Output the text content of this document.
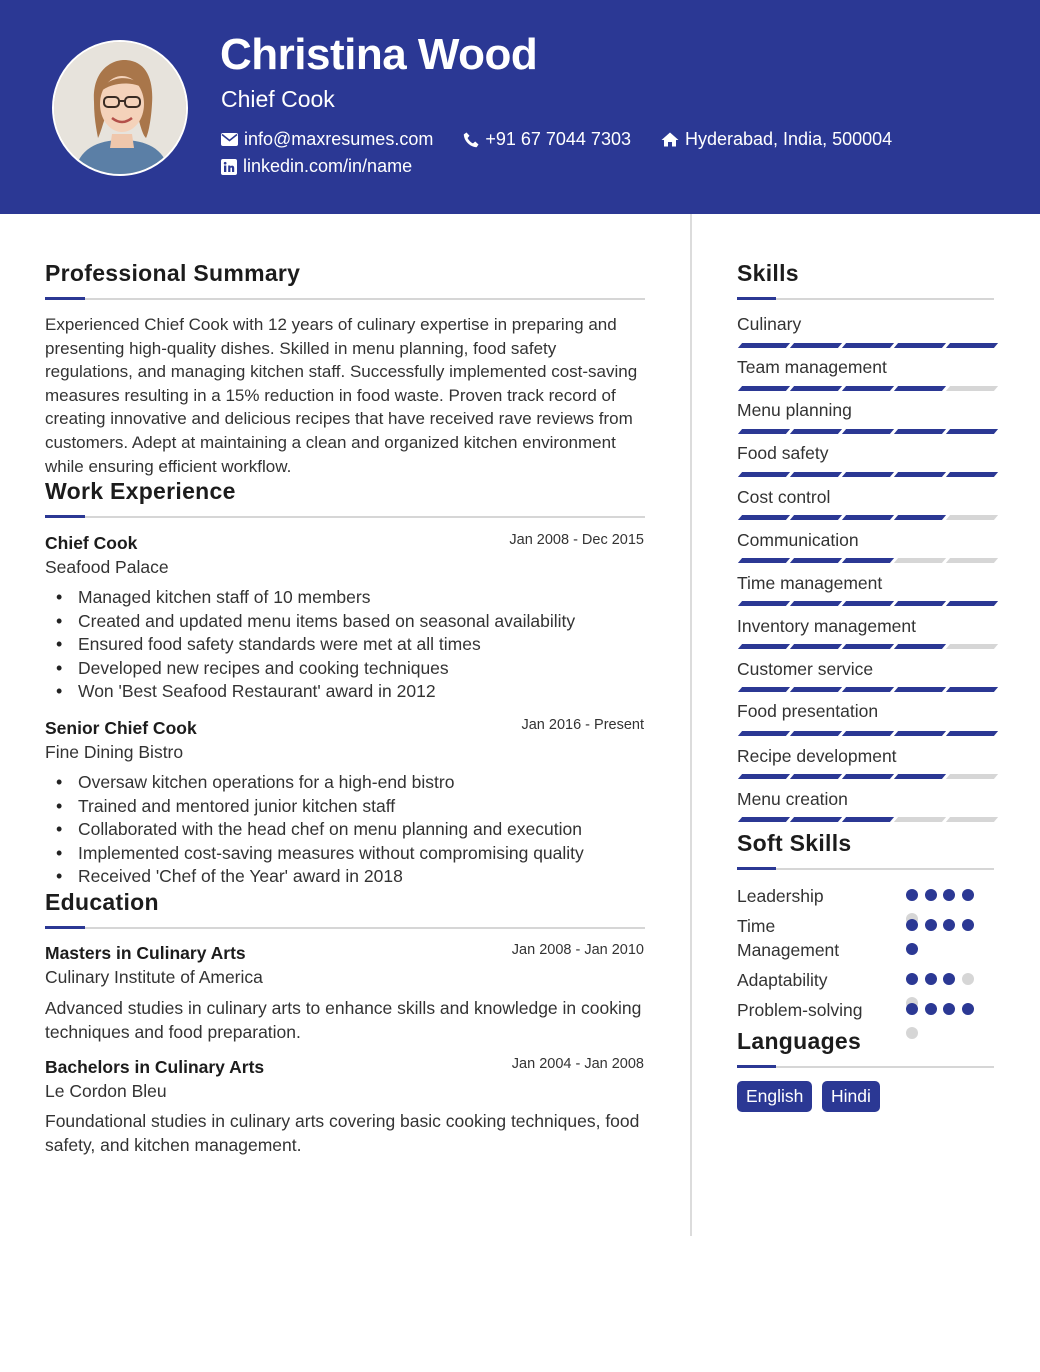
Christina Wood
Chief Cook
info@maxresumes.com	+91 67 7044 7303	Hyderabad, India, 500004
linkedin.com/in/name
Professional Summary
Experienced Chief Cook with 12 years of culinary expertise in preparing and presenting high-quality dishes. Skilled in menu planning, food safety regulations, and managing kitchen staff. Successfully implemented cost-saving measures resulting in a 15% reduction in food waste. Proven track record of creating innovative and delicious recipes that have received rave reviews from customers. Adept at maintaining a clean and organized kitchen environment while ensuring efficient workflow.
Work Experience
Chief Cook	Jan 2008 - Dec 2015
Seafood Palace
• Managed kitchen staff of 10 members
• Created and updated menu items based on seasonal availability
• Ensured food safety standards were met at all times
• Developed new recipes and cooking techniques
• Won 'Best Seafood Restaurant' award in 2012
Senior Chief Cook	Jan 2016 - Present
Fine Dining Bistro
• Oversaw kitchen operations for a high-end bistro
• Trained and mentored junior kitchen staff
• Collaborated with the head chef on menu planning and execution
• Implemented cost-saving measures without compromising quality
• Received 'Chef of the Year' award in 2018
Education
Masters in Culinary Arts	Jan 2008 - Jan 2010
Culinary Institute of America
Advanced studies in culinary arts to enhance skills and knowledge in cooking techniques and food preparation.
Bachelors in Culinary Arts	Jan 2004 - Jan 2008
Le Cordon Bleu
Foundational studies in culinary arts covering basic cooking techniques, food safety, and kitchen management.
Skills
Culinary
Team management
Menu planning
Food safety
Cost control
Communication
Time management
Inventory management
Customer service
Food presentation
Recipe development
Menu creation
Soft Skills
Leadership
Time Management
Adaptability
Problem-solving
Languages
English	Hindi
